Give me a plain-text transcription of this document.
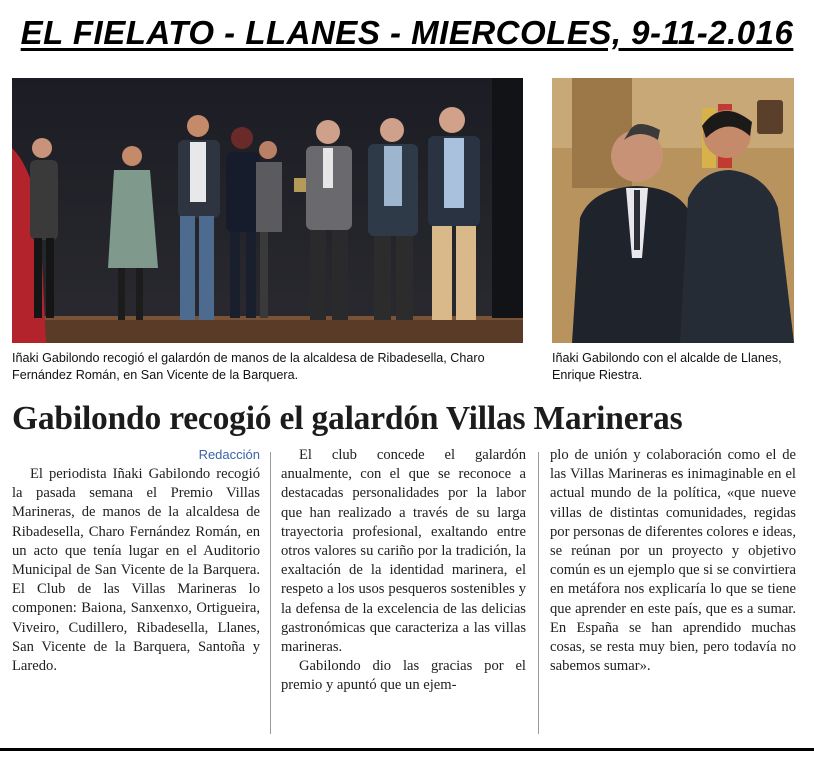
EL FIELATO - LLANES - MIERCOLES, 9-11-2.016
Iñaki Gabilondo recogió el galardón de manos de la alcaldesa de Ribadesella, Charo Fernández Román, en San Vicente de la Barquera.
Iñaki Gabilondo con el alcalde de Llanes, Enrique Riestra.
Gabilondo recogió el galardón Villas Marineras
Redacción

El periodista Iñaki Gabilondo recogió la pasada semana el Premio Villas Marineras, de manos de la alcaldesa de Ribadesella, Charo Fernández Román, en un acto que tenía lugar en el Auditorio Municipal de San Vicente de la Barquera. El Club de las Villas Marineras lo componen: Baiona, Sanxenxo, Ortigueira, Viveiro, Cudillero, Ribadesella, Llanes, San Vicente de la Barquera, Santoña y Laredo.

El club concede el galardón anualmente, con el que se reconoce a destacadas personalidades por la labor que han realizado a través de su larga trayectoria profesional, exaltando entre otros valores su cariño por la tradición, la exaltación de la identidad marinera, el respeto a los usos pesqueros sostenibles y la defensa de la excelencia de las delicias gastronómicas que caracteriza a las villas marineras.

Gabilondo dio las gracias por el premio y apuntó que un ejem-

plo de unión y colaboración como el de las Villas Marineras es inimaginable en el actual mundo de la política, «que nueve villas de distintas comunidades, regidas por personas de diferentes colores e ideas, se reúnan por un proyecto y objetivo común es un ejemplo que si se convirtiera en metáfora nos explicaría lo que se tiene que aprender en este país, que es a sumar. En España se han aprendido muchas cosas, se resta muy bien, pero todavía no sabemos sumar».
